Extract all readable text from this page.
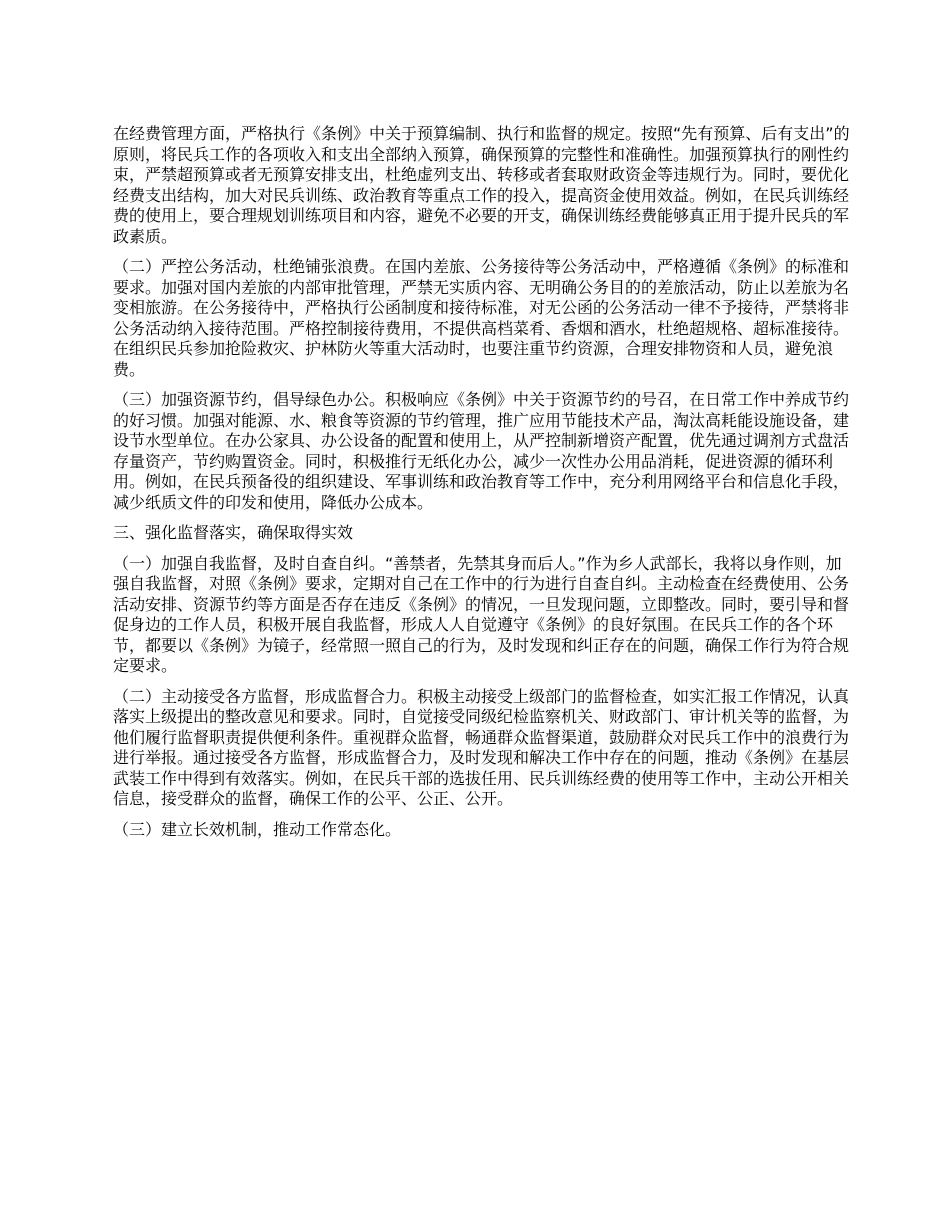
在经费管理方面，严格执行《条例》中关于预算编制、执行和监督的规定。按照“先有预算、后有支出”的原则，将民兵工作的各项收入和支出全部纳入预算，确保预算的完整性和准确性。加强预算执行的刚性约束，严禁超预算或者无预算安排支出，杜绝虚列支出、转移或者套取财政资金等违规行为。同时，要优化经费支出结构，加大对民兵训练、政治教育等重点工作的投入，提高资金使用效益。例如，在民兵训练经费的使用上，要合理规划训练项目和内容，避免不必要的开支，确保训练经费能够真正用于提升民兵的军政素质。

（二）严控公务活动，杜绝铺张浪费。在国内差旅、公务接待等公务活动中，严格遵循《条例》的标准和要求。加强对国内差旅的内部审批管理，严禁无实质内容、无明确公务目的的差旅活动，防止以差旅为名变相旅游。在公务接待中，严格执行公函制度和接待标准，对无公函的公务活动一律不予接待，严禁将非公务活动纳入接待范围。严格控制接待费用，不提供高档菜肴、香烟和酒水，杜绝超规格、超标准接待。在组织民兵参加抢险救灾、护林防火等重大活动时，也要注重节约资源，合理安排物资和人员，避免浪费。

（三）加强资源节约，倡导绿色办公。积极响应《条例》中关于资源节约的号召，在日常工作中养成节约的好习惯。加强对能源、水、粮食等资源的节约管理，推广应用节能技术产品，淘汰高耗能设施设备，建设节水型单位。在办公家具、办公设备的配置和使用上，从严控制新增资产配置，优先通过调剂方式盘活存量资产，节约购置资金。同时，积极推行无纸化办公，减少一次性办公用品消耗，促进资源的循环利用。例如，在民兵预备役的组织建设、军事训练和政治教育等工作中，充分利用网络平台和信息化手段，减少纸质文件的印发和使用，降低办公成本。

三、强化监督落实，确保取得实效

（一）加强自我监督，及时自查自纠。“善禁者，先禁其身而后人。”作为乡人武部长，我将以身作则，加强自我监督，对照《条例》要求，定期对自己在工作中的行为进行自查自纠。主动检查在经费使用、公务活动安排、资源节约等方面是否存在违反《条例》的情况，一旦发现问题，立即整改。同时，要引导和督促身边的工作人员，积极开展自我监督，形成人人自觉遵守《条例》的良好氛围。在民兵工作的各个环节，都要以《条例》为镜子，经常照一照自己的行为，及时发现和纠正存在的问题，确保工作行为符合规定要求。

（二）主动接受各方监督，形成监督合力。积极主动接受上级部门的监督检查，如实汇报工作情况，认真落实上级提出的整改意见和要求。同时，自觉接受同级纪检监察机关、财政部门、审计机关等的监督，为他们履行监督职责提供便利条件。重视群众监督，畅通群众监督渠道，鼓励群众对民兵工作中的浪费行为进行举报。通过接受各方监督，形成监督合力，及时发现和解决工作中存在的问题，推动《条例》在基层武装工作中得到有效落实。例如，在民兵干部的选拔任用、民兵训练经费的使用等工作中，主动公开相关信息，接受群众的监督，确保工作的公平、公正、公开。

（三）建立长效机制，推动工作常态化。
